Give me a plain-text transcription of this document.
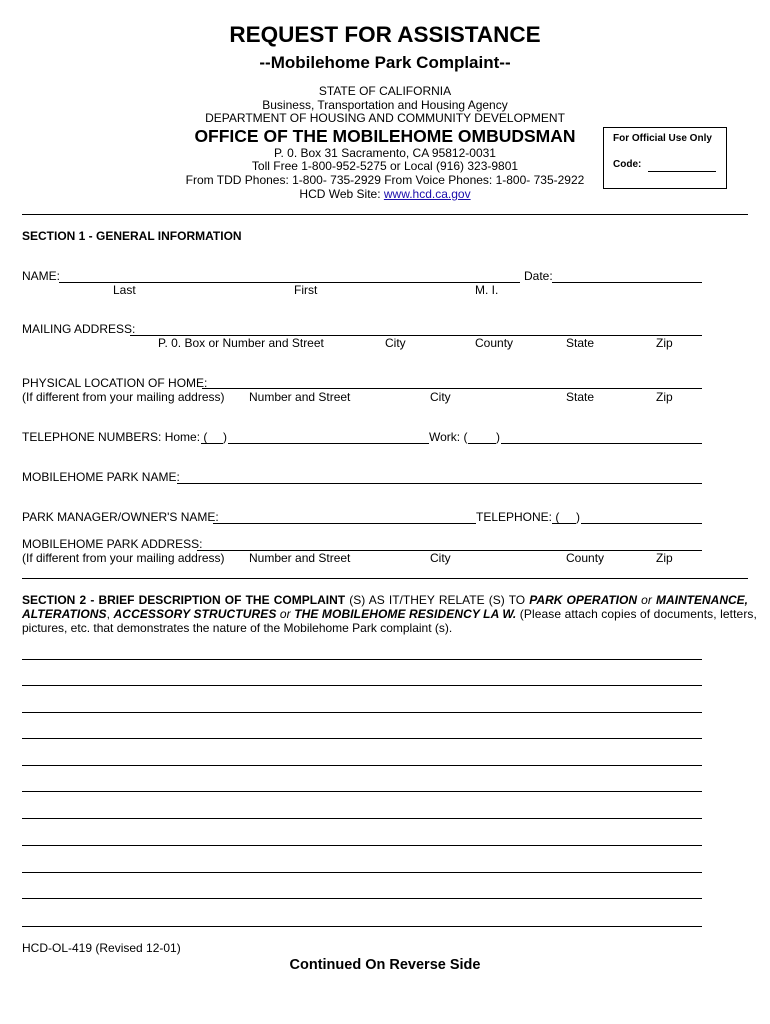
REQUEST FOR ASSISTANCE
--Mobilehome Park Complaint--
STATE OF CALIFORNIA
Business, Transportation and Housing Agency
DEPARTMENT OF HOUSING AND COMMUNITY DEVELOPMENT
OFFICE OF THE MOBILEHOME OMBUDSMAN
P. 0. Box 31 Sacramento, CA 95812-0031
Toll Free 1-800-952-5275 or Local (916) 323-9801
From TDD Phones: 1-800- 735-2929 From Voice Phones: 1-800- 735-2922
HCD Web Site: www.hcd.ca.gov
For Official Use Only
Code:
SECTION 1 - GENERAL INFORMATION
NAME:	Date:
Last	First	M. I.
MAILING ADDRESS:
P. 0. Box or Number and Street	City	County	State	Zip
PHYSICAL LOCATION OF HOME:
(If different from your mailing address) Number and Street	City	State	Zip
TELEPHONE NUMBERS: Home: ( )	Work: ( )
MOBILEHOME PARK NAME:
PARK MANAGER/OWNER'S NAME:	TELEPHONE: ( )
MOBILEHOME PARK ADDRESS:
(If different from your mailing address) Number and Street	City	County	Zip
SECTION 2 - BRIEF DESCRIPTION OF THE COMPLAINT (S) AS IT/THEY RELATE (S) TO PARK OPERATION or MAINTENANCE,
ALTERATIONS, ACCESSORY STRUCTURES or THE MOBILEHOME RESIDENCY LA W. (Please attach copies of documents, letters,
pictures, etc. that demonstrates the nature of the Mobilehome Park complaint (s).
HCD-OL-419 (Revised 12-01)
Continued On Reverse Side
